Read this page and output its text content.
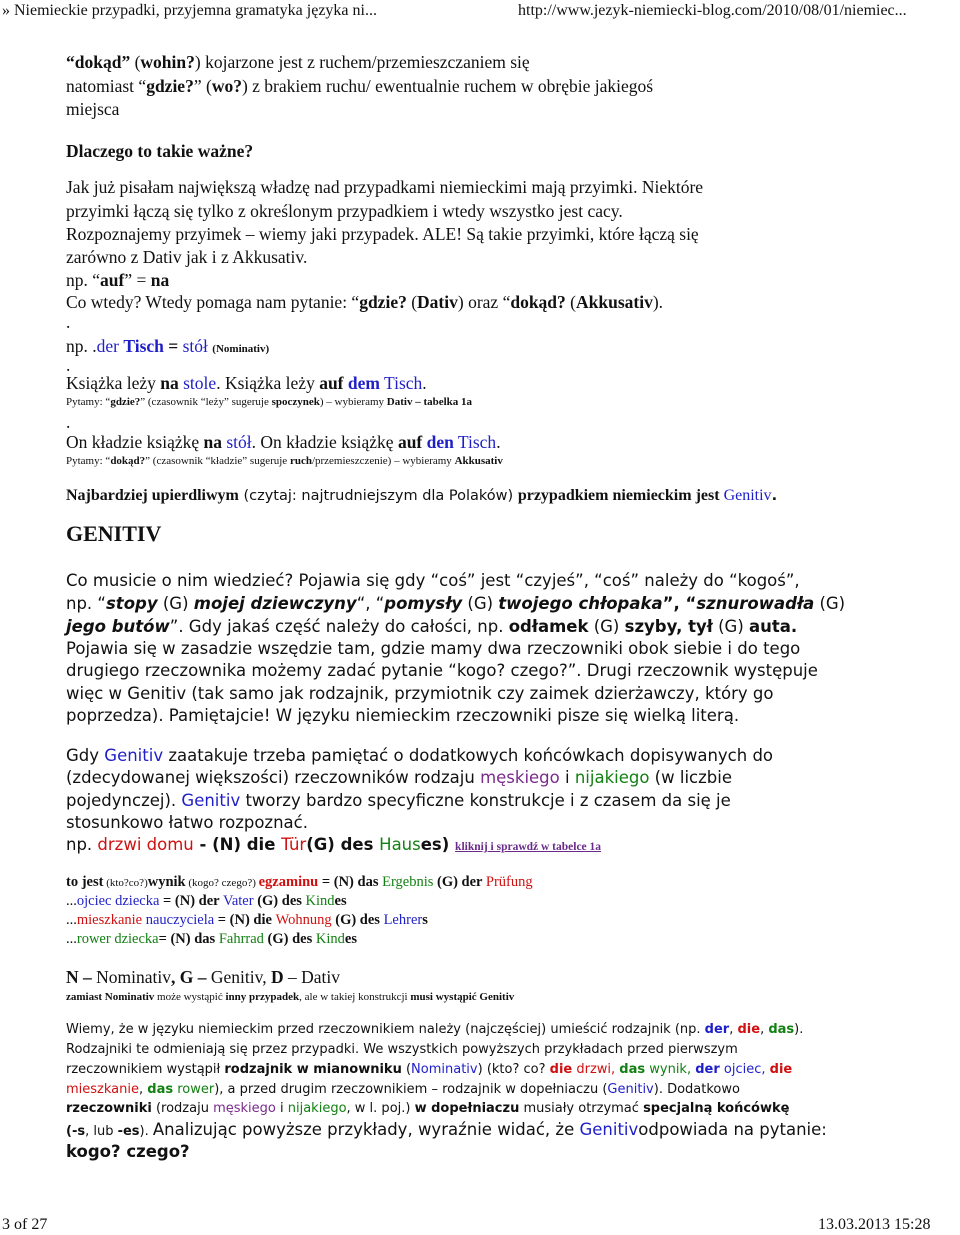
» Niemieckie przypadki, przyjemna gramatyka języka ni...	http://www.jezyk-niemiecki-blog.com/2010/08/01/niemiec...
“dokąd” (wohin?) kojarzone jest z ruchem/przemieszczaniem się
natomiast “gdzie?” (wo?) z brakiem ruchu/ ewentualnie ruchem w obrębie jakiegoś
miejsca
Dlaczego to takie ważne?
Jak już pisałam największą władzę nad przypadkami niemieckimi mają przyimki. Niektóre
przyimki łączą się tylko z określonym przypadkiem i wtedy wszystko jest cacy.
Rozpoznajemy przyimek – wiemy jaki przypadek. ALE! Są takie przyimki, które łączą się
zarówno z Dativ jak i z Akkusativ.
np. “auf” = na
Co wtedy? Wtedy pomaga nam pytanie: “gdzie? (Dativ) oraz “dokąd? (Akkusativ).
.
np. .der Tisch = stół (Nominativ)
.
Książka leży na stole. Książka leży auf dem Tisch.
Pytamy: “gdzie?” (czasownik “leży” sugeruje spoczynek) – wybieramy Dativ – tabelka 1a
.
On kładzie książkę na stół. On kładzie książkę auf den Tisch.
Pytamy: “dokąd?” (czasownik “kładzie” sugeruje ruch/przemieszczenie) – wybieramy Akkusativ
Najbardziej upierdliwym (czytaj: najtrudniejszym dla Polaków) przypadkiem niemieckim jest Genitiv.
GENITIV
Co musicie o nim wiedzieć? Pojawia się gdy “coś” jest “czyjeś”, “coś” należy do “kogoś”,
np. “stopy (G) mojej dziewczyny“, “pomysły (G) twojego chłopaka”, “sznurowadła (G)
jego butów”. Gdy jakaś część należy do całości, np. odłamek (G) szyby, tył (G) auta.
Pojawia się w zasadzie wszędzie tam, gdzie mamy dwa rzeczowniki obok siebie i do tego
drugiego rzeczownika możemy zadać pytanie “kogo? czego?”. Drugi rzeczownik występuje
więc w Genitiv (tak samo jak rodzajnik, przymiotnik czy zaimek dzierżawczy, który go
poprzedza). Pamiętajcie! W języku niemieckim rzeczowniki pisze się wielką literą.
Gdy Genitiv zaatakuje trzeba pamiętać o dodatkowych końcówkach dopisywanych do
(zdecydowanej większości) rzeczowników rodzaju męskiego i nijakiego (w liczbie
pojedynczej). Genitiv tworzy bardzo specyficzne konstrukcje i z czasem da się je
stosunkowo łatwo rozpoznać.
np. drzwi domu - (N) die Tür(G) des Hauses) kliknij i sprawdź w tabelce 1a
to jest (kto?co?)wynik (kogo? czego?) egzaminu = (N) das Ergebnis (G) der Prüfung
...ojciec dziecka = (N) der Vater (G) des Kindes
...mieszkanie nauczyciela = (N) die Wohnung (G) des Lehrers
...rower dziecka= (N) das Fahrrad (G) des Kindes
N – Nominativ, G – Genitiv, D – Dativ
zamiast Nominativ może wystąpić inny przypadek, ale w takiej konstrukcji musi wystąpić Genitiv
Wiemy, że w języku niemieckim przed rzeczownikiem należy (najczęściej) umieścić rodzajnik (np. der, die, das).
Rodzajniki te odmieniają się przez przypadki. We wszystkich powyższych przykładach przed pierwszym
rzeczownikiem wystąpił rodzajnik w mianowniku (Nominativ) (kto? co? die drzwi, das wynik, der ojciec, die
mieszkanie, das rower), a przed drugim rzeczownikiem – rodzajnik w dopełniaczu (Genitiv). Dodatkowo
rzeczowniki (rodzaju męskiego i nijakiego, w l. poj.) w dopełniaczu musiały otrzymać specjalną końcówkę
(-s, lub -es). Analizując powyższe przykłady, wyraźnie widać, że Genitivodpowiada na pytanie:
kogo? czego?
3 of 27	13.03.2013 15:28
